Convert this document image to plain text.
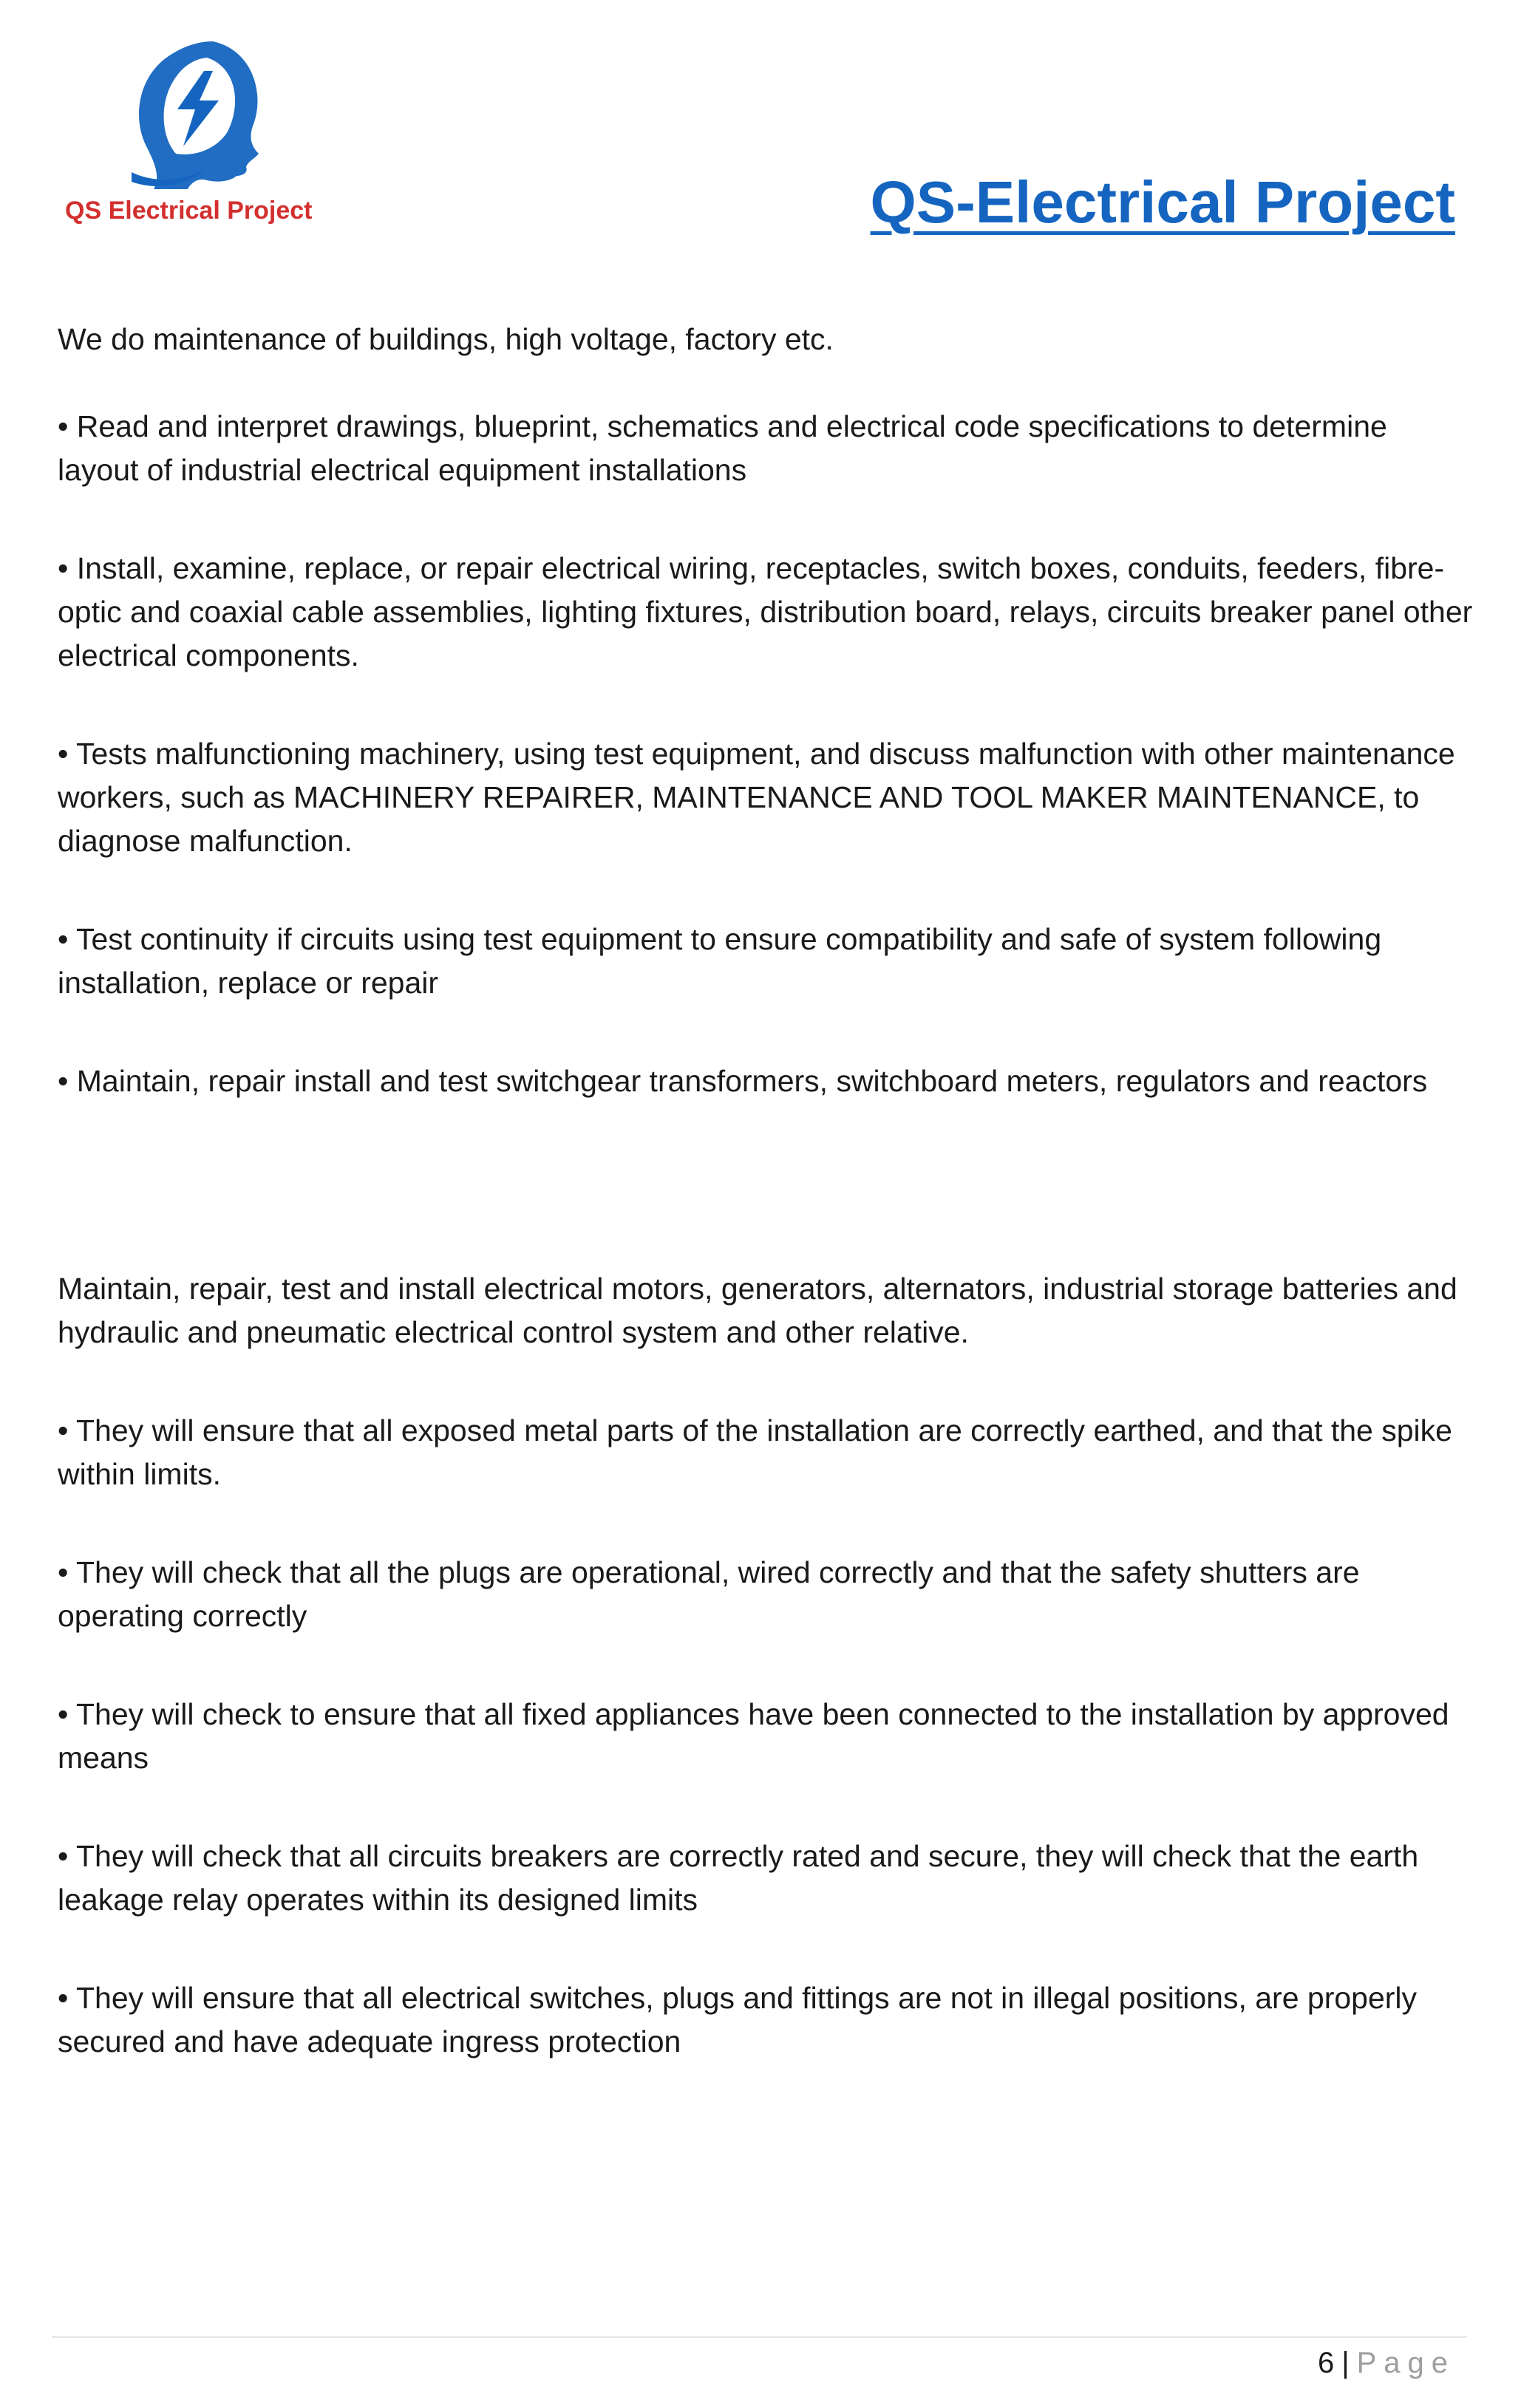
QS Electrical Project	QS-Electrical Project

We do maintenance of buildings, high voltage, factory etc.

• Read and interpret drawings, blueprint, schematics and electrical code specifications to determine layout of industrial electrical equipment installations

• Install, examine, replace, or repair electrical wiring, receptacles, switch boxes, conduits, feeders, fibre-optic and coaxial cable assemblies, lighting fixtures, distribution board, relays, circuits breaker panel other electrical components.

• Tests malfunctioning machinery, using test equipment, and discuss malfunction with other maintenance workers, such as MACHINERY REPAIRER, MAINTENANCE AND TOOL MAKER MAINTENANCE, to diagnose malfunction.

• Test continuity if circuits using test equipment to ensure compatibility and safe of system following installation, replace or repair

• Maintain, repair install and test switchgear transformers, switchboard meters, regulators and reactors

Maintain, repair, test and install electrical motors, generators, alternators, industrial storage batteries and hydraulic and pneumatic electrical control system and other relative.

• They will ensure that all exposed metal parts of the installation are correctly earthed, and that the spike within limits.

• They will check that all the plugs are operational, wired correctly and that the safety shutters are operating correctly

• They will check to ensure that all fixed appliances have been connected to the installation by approved means

• They will check that all circuits breakers are correctly rated and secure, they will check that the earth leakage relay operates within its designed limits

• They will ensure that all electrical switches, plugs and fittings are not in illegal positions, are properly secured and have adequate ingress protection

6 | Page
